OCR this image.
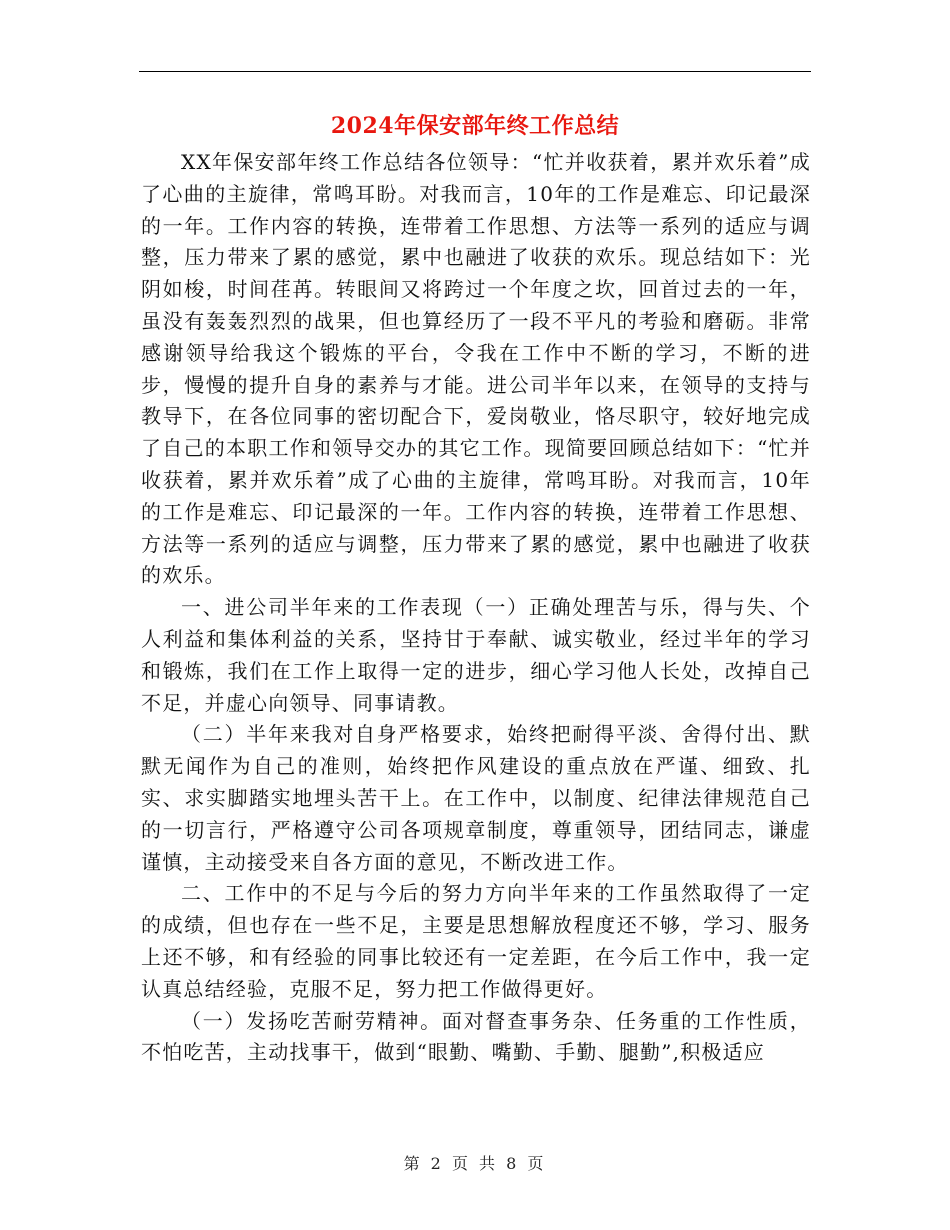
2024年保安部年终工作总结

XX年保安部年终工作总结各位领导：“忙并收获着，累并欢乐着”成了心曲的主旋律，常鸣耳盼。对我而言，10年的工作是难忘、印记最深的一年。工作内容的转换，连带着工作思想、方法等一系列的适应与调整，压力带来了累的感觉，累中也融进了收获的欢乐。现总结如下：光阴如梭，时间荏苒。转眼间又将跨过一个年度之坎，回首过去的一年，虽没有轰轰烈烈的战果，但也算经历了一段不平凡的考验和磨砺。非常感谢领导给我这个锻炼的平台，令我在工作中不断的学习，不断的进步，慢慢的提升自身的素养与才能。进公司半年以来，在领导的支持与教导下，在各位同事的密切配合下，爱岗敬业，恪尽职守，较好地完成了自己的本职工作和领导交办的其它工作。现简要回顾总结如下：“忙并收获着，累并欢乐着”成了心曲的主旋律，常鸣耳盼。对我而言，10年的工作是难忘、印记最深的一年。工作内容的转换，连带着工作思想、方法等一系列的适应与调整，压力带来了累的感觉，累中也融进了收获的欢乐。

一、进公司半年来的工作表现（一）正确处理苦与乐，得与失、个人利益和集体利益的关系，坚持甘于奉献、诚实敬业，经过半年的学习和锻炼，我们在工作上取得一定的进步，细心学习他人长处，改掉自己不足，并虚心向领导、同事请教。

（二）半年来我对自身严格要求，始终把耐得平淡、舍得付出、默默无闻作为自己的准则，始终把作风建设的重点放在严谨、细致、扎实、求实脚踏实地埋头苦干上。在工作中，以制度、纪律法律规范自己的一切言行，严格遵守公司各项规章制度，尊重领导，团结同志，谦虚谨慎，主动接受来自各方面的意见，不断改进工作。

二、工作中的不足与今后的努力方向半年来的工作虽然取得了一定的成绩，但也存在一些不足，主要是思想解放程度还不够，学习、服务上还不够，和有经验的同事比较还有一定差距，在今后工作中，我一定认真总结经验，克服不足，努力把工作做得更好。

（一）发扬吃苦耐劳精神。面对督查事务杂、任务重的工作性质，不怕吃苦，主动找事干，做到“眼勤、嘴勤、手勤、腿勤”,积极适应

第 2 页 共 8 页
